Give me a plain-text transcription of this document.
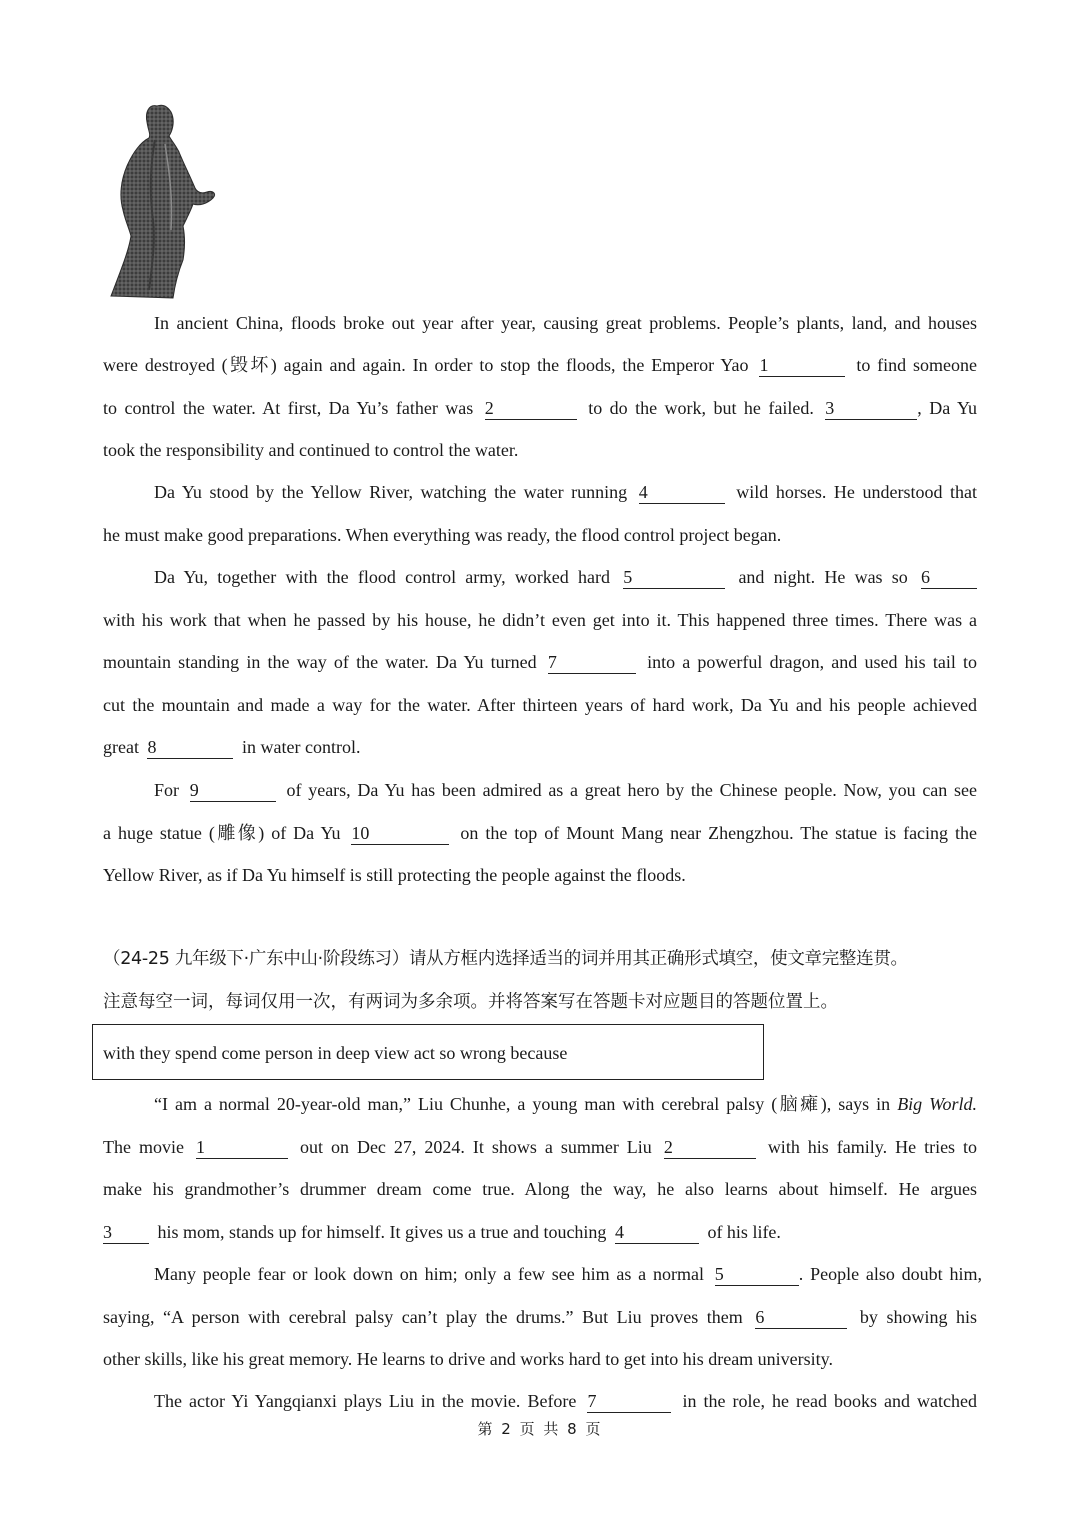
In ancient China, floods broke out year after year, causing great problems. People’s plants, land, and houses
were destroyed (毁坏) again and again. In order to stop the floods, the Emperor Yao 1	to find someone
to control the water. At first, Da Yu’s father was 2	to do the work, but he failed. 3	, Da Yu
took the responsibility and continued to control the water.
Da Yu stood by the Yellow River, watching the water running 4	wild horses. He understood that
he must make good preparations. When everything was ready, the flood control project began.
Da Yu, together with the flood control army, worked hard 5	and night. He was so 6
with his work that when he passed by his house, he didn’t even get into it. This happened three times. There was a
mountain standing in the way of the water. Da Yu turned 7	into a powerful dragon, and used his tail to
cut the mountain and made a way for the water. After thirteen years of hard work, Da Yu and his people achieved
great 8	in water control.
For 9	of years, Da Yu has been admired as a great hero by the Chinese people. Now, you can see
a huge statue (雕像) of Da Yu 10	on the top of Mount Mang near Zhengzhou. The statue is facing the
Yellow River, as if Da Yu himself is still protecting the people against the floods.
（24-25 九年级下·广东中山·阶段练习）请从方框内选择适当的词并用其正确形式填空，使文章完整连贯。
注意每空一词，每词仅用一次，有两词为多余项。并将答案写在答题卡对应题目的答题位置上。
with they spend come person in deep view act so wrong because
“I am a normal 20-year-old man,” Liu Chunhe, a young man with cerebral palsy (脑瘫), says in Big World.
The movie 1	out on Dec 27, 2024. It shows a summer Liu 2	with his family. He tries to
make his grandmother’s drummer dream come true. Along the way, he also learns about himself. He argues
3	his mom, stands up for himself. It gives us a true and touching 4	of his life.
Many people fear or look down on him; only a few see him as a normal 5	. People also doubt him,
saying, “A person with cerebral palsy can’t play the drums.” But Liu proves them 6	by showing his
other skills, like his great memory. He learns to drive and works hard to get into his dream university.
The actor Yi Yangqianxi plays Liu in the movie. Before 7	in the role, he read books and watched
第 2 页 共 8 页
